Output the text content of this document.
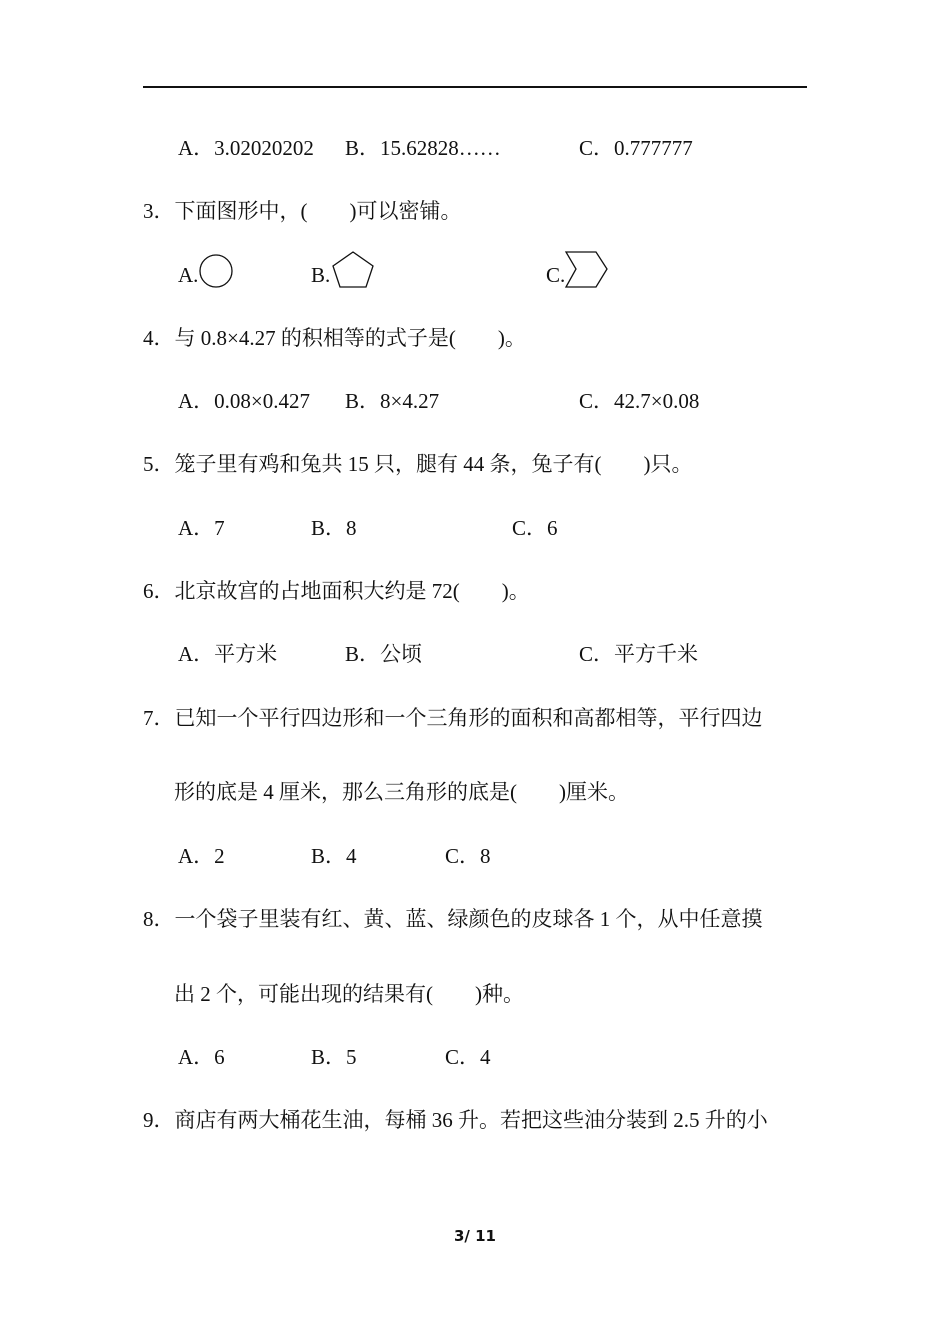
A．3.02020202 B．15.62828……	C．0.777777
3．下面图形中，(　　)可以密铺。
A.	B.	C.
4．与 0.8×4.27 的积相等的式子是(　　)。
A．0.08×0.427 B．8×4.27	C．42.7×0.08
5．笼子里有鸡和兔共 15 只，腿有 44 条，兔子有(　　)只。
A．7	B．8	C．6
6．北京故宫的占地面积大约是 72(　　)。
A．平方米	B．公顷	C．平方千米
7．已知一个平行四边形和一个三角形的面积和高都相等，平行四边
形的底是 4 厘米，那么三角形的底是(　　)厘米。
A．2	B．4	C．8
8．一个袋子里装有红、黄、蓝、绿颜色的皮球各 1 个，从中任意摸
出 2 个，可能出现的结果有(　　)种。
A．6	B．5	C．4
9．商店有两大桶花生油，每桶 36 升。若把这些油分装到 2.5 升的小
3/ 11
